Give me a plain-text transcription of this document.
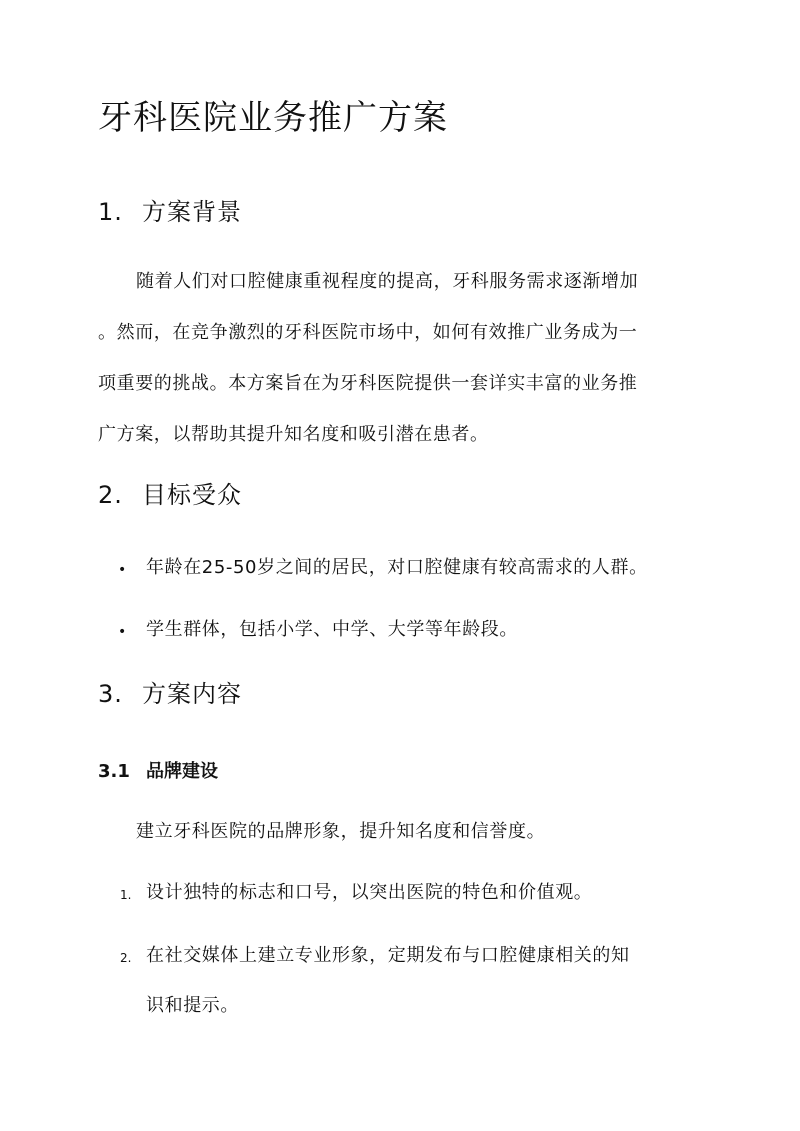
牙科医院业务推广方案
1. 方案背景
随着人们对口腔健康重视程度的提高，牙科服务需求逐渐增加
。然而，在竞争激烈的牙科医院市场中，如何有效推广业务成为一
项重要的挑战。本方案旨在为牙科医院提供一套详实丰富的业务推
广方案，以帮助其提升知名度和吸引潜在患者。
2. 目标受众
• 年龄在25-50岁之间的居民，对口腔健康有较高需求的人群。
• 学生群体，包括小学、中学、大学等年龄段。
3. 方案内容
3.1 品牌建设
建立牙科医院的品牌形象，提升知名度和信誉度。
1. 设计独特的标志和口号，以突出医院的特色和价值观。
2. 在社交媒体上建立专业形象，定期发布与口腔健康相关的知
识和提示。
